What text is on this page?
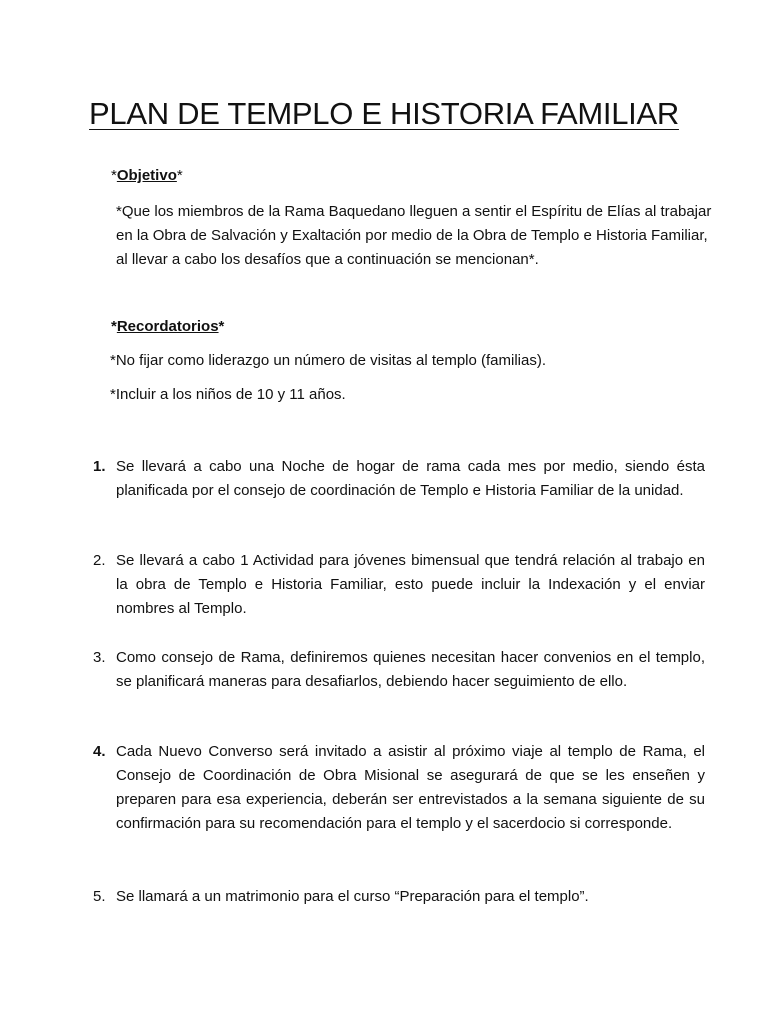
PLAN DE TEMPLO E HISTORIA FAMILIAR
*Objetivo*

*Que los miembros de la Rama Baquedano lleguen a sentir el Espíritu de Elías al trabajar en la Obra de Salvación y Exaltación por medio de la Obra de Templo e Historia Familiar, al llevar a cabo los desafíos que a continuación se mencionan*.

*Recordatorios*

*No fijar como liderazgo un número de visitas al templo (familias).

*Incluir a los niños de 10 y 11 años.

1. Se llevará a cabo una Noche de hogar de rama cada mes por medio, siendo ésta planificada por el consejo de coordinación de Templo e Historia Familiar de la unidad.

2. Se llevará a cabo 1 Actividad para jóvenes bimensual que tendrá relación al trabajo en la obra de Templo e Historia Familiar, esto puede incluir la Indexación y el enviar nombres al Templo.

3. Como consejo de Rama, definiremos quienes necesitan hacer convenios en el templo, se planificará maneras para desafiarlos, debiendo hacer seguimiento de ello.

4. Cada Nuevo Converso será invitado a asistir al próximo viaje al templo de Rama, el Consejo de Coordinación de Obra Misional se asegurará de que se les enseñen y preparen para esa experiencia, deberán ser entrevistados a la semana siguiente de su confirmación para su recomendación para el templo y el sacerdocio si corresponde.

5. Se llamará a un matrimonio para el curso “Preparación para el templo”.
